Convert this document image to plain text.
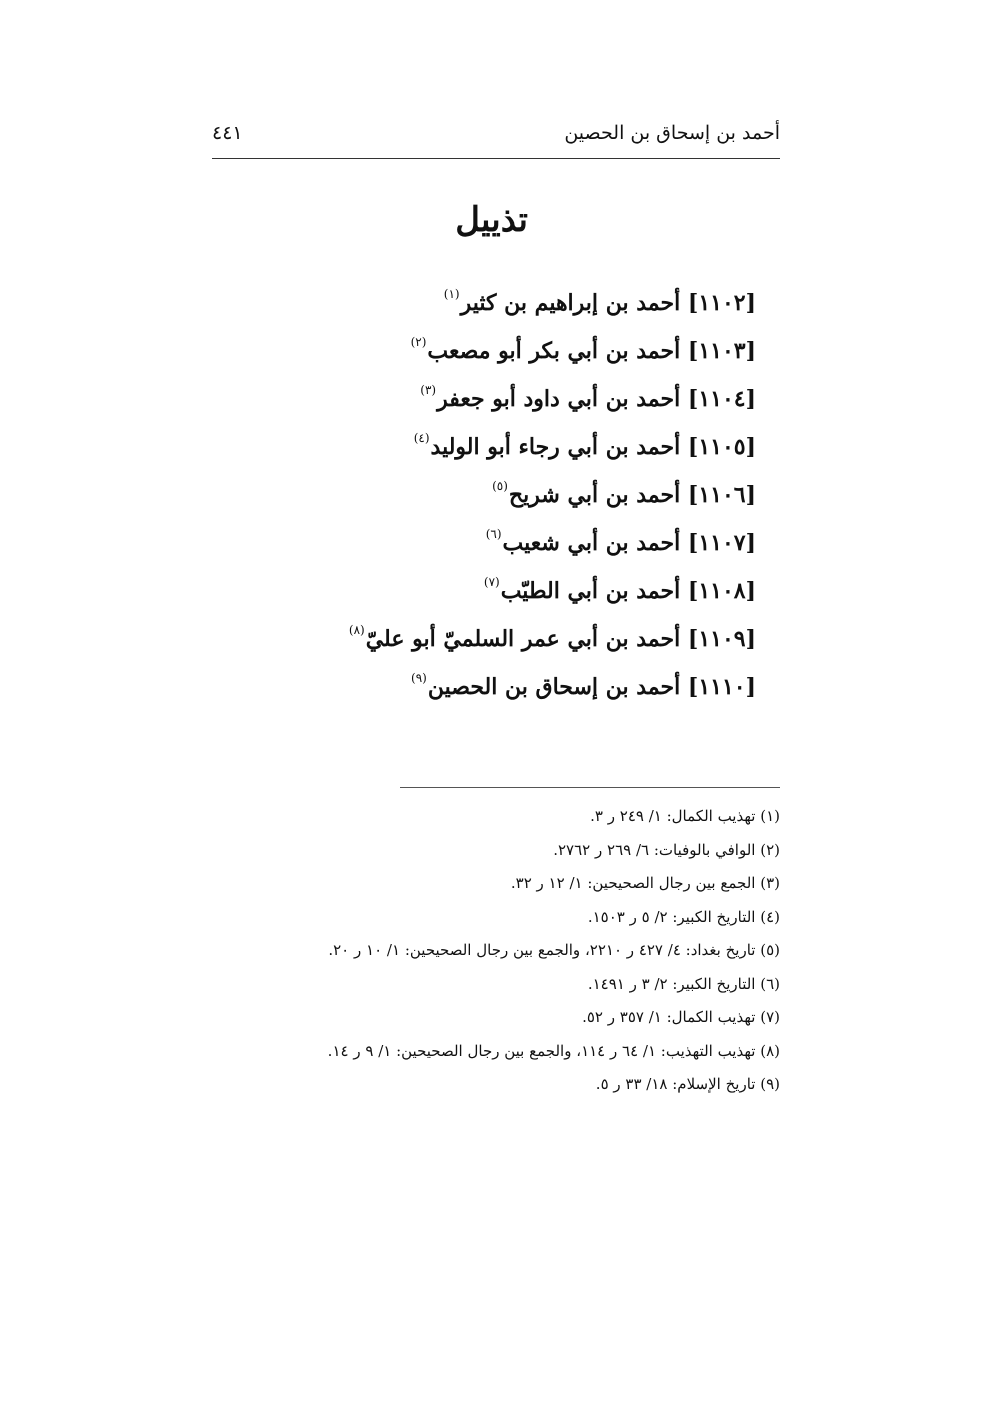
أحمد بن إسحاق بن الحصين
٤٤١
تذييل
[١١٠٢] أحمد بن إبراهيم بن كثير$^{(١)}$
[١١٠٣] أحمد بن أبي بكر أبو مصعب$^{(٢)}$
[١١٠٤] أحمد بن أبي داود أبو جعفر$^{(٣)}$
[١١٠٥] أحمد بن أبي رجاء أبو الوليد$^{(٤)}$
[١١٠٦] أحمد بن أبي شريح$^{(٥)}$
[١١٠٧] أحمد بن أبي شعيب$^{(٦)}$
[١١٠٨] أحمد بن أبي الطيّب$^{(٧)}$
[١١٠٩] أحمد بن أبي عمر السلميّ أبو عليّ$^{(٨)}$
[١١١٠] أحمد بن إسحاق بن الحصين$^{(٩)}$
(١) تهذيب الكمال: ١/ ٢٤٩ ر ٣.
(٢) الوافي بالوفيات: ٦/ ٢٦٩ ر ٢٧٦٢.
(٣) الجمع بين رجال الصحيحين: ١/ ١٢ ر ٣٢.
(٤) التاريخ الكبير: ٢/ ٥ ر ١٥٠٣.
(٥) تاريخ بغداد: ٤/ ٤٢٧ ر ٢٢١٠، والجمع بين رجال الصحيحين: ١/ ١٠ ر ٢٠.
(٦) التاريخ الكبير: ٢/ ٣ ر ١٤٩١.
(٧) تهذيب الكمال: ١/ ٣٥٧ ر ٥٢.
(٨) تهذيب التهذيب: ١/ ٦٤ ر ١١٤، والجمع بين رجال الصحيحين: ١/ ٩ ر ١٤.
(٩) تاريخ الإسلام: ١٨/ ٣٣ ر ٥.
